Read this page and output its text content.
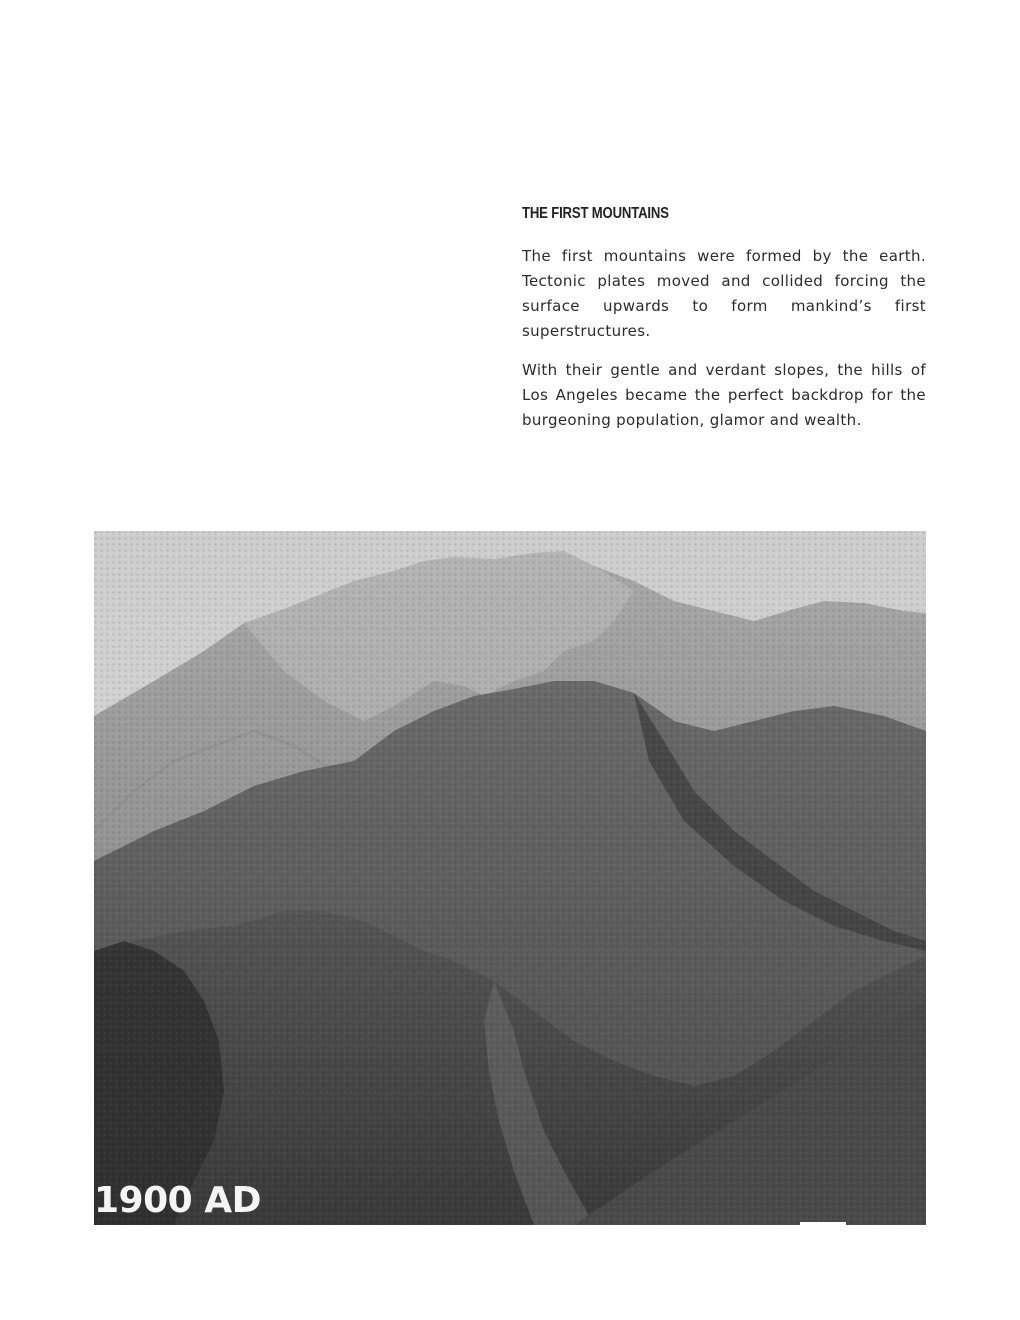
THE FIRST MOUNTAINS

The first mountains were formed by the earth. Tectonic plates moved and collided forcing the surface upwards to form mankind’s first superstructures.

With their gentle and verdant slopes, the hills of Los Angeles became the perfect backdrop for the burgeoning population, glamor and wealth.

1900 AD
